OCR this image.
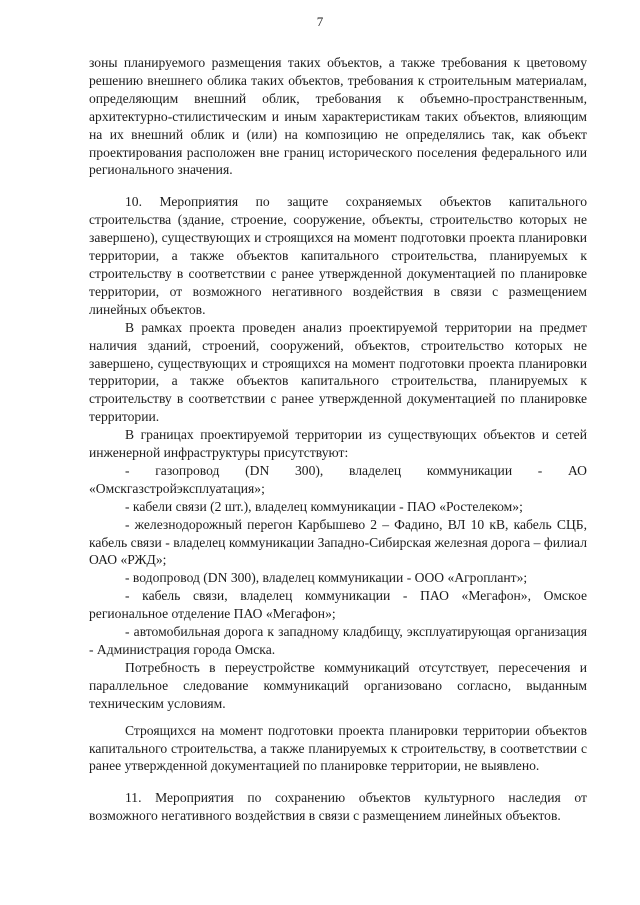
7

зоны планируемого размещения таких объектов, а также требования к цветовому решению внешнего облика таких объектов, требования к строительным материалам, определяющим внешний облик, требования к объемно-пространственным, архитектурно-стилистическим и иным характеристикам таких объектов, влияющим на их внешний облик и (или) на композицию не определялись так, как объект проектирования расположен вне границ исторического поселения федерального или регионального значения.

10. Мероприятия по защите сохраняемых объектов капитального строительства (здание, строение, сооружение, объекты, строительство которых не завершено), существующих и строящихся на момент подготовки проекта планировки территории, а также объектов капитального строительства, планируемых к строительству в соответствии с ранее утвержденной документацией по планировке территории, от возможного негативного воздействия в связи с размещением линейных объектов.

В рамках проекта проведен анализ проектируемой территории на предмет наличия зданий, строений, сооружений, объектов, строительство которых не завершено, существующих и строящихся на момент подготовки проекта планировки территории, а также объектов капитального строительства, планируемых к строительству в соответствии с ранее утвержденной документацией по планировке территории.

В границах проектируемой территории из существующих объектов и сетей инженерной инфраструктуры присутствуют:

- газопровод (DN 300), владелец коммуникации - АО «Омскгазстройэксплуатация»;

- кабели связи (2 шт.), владелец коммуникации - ПАО «Ростелеком»;

- железнодорожный перегон Карбышево 2 – Фадино, ВЛ 10 кВ, кабель СЦБ, кабель связи - владелец коммуникации Западно-Сибирская железная дорога – филиал ОАО «РЖД»;

- водопровод (DN 300), владелец коммуникации - ООО «Агроплант»;

- кабель связи, владелец коммуникации - ПАО «Мегафон», Омское региональное отделение ПАО «Мегафон»;

- автомобильная дорога к западному кладбищу, эксплуатирующая организация - Администрация города Омска.

Потребность в переустройстве коммуникаций отсутствует, пересечения и параллельное следование коммуникаций организовано согласно, выданным техническим условиям.

Строящихся на момент подготовки проекта планировки территории объектов капитального строительства, а также планируемых к строительству, в соответствии с ранее утвержденной документацией по планировке территории, не выявлено.

11. Мероприятия по сохранению объектов культурного наследия от возможного негативного воздействия в связи с размещением линейных объектов.
